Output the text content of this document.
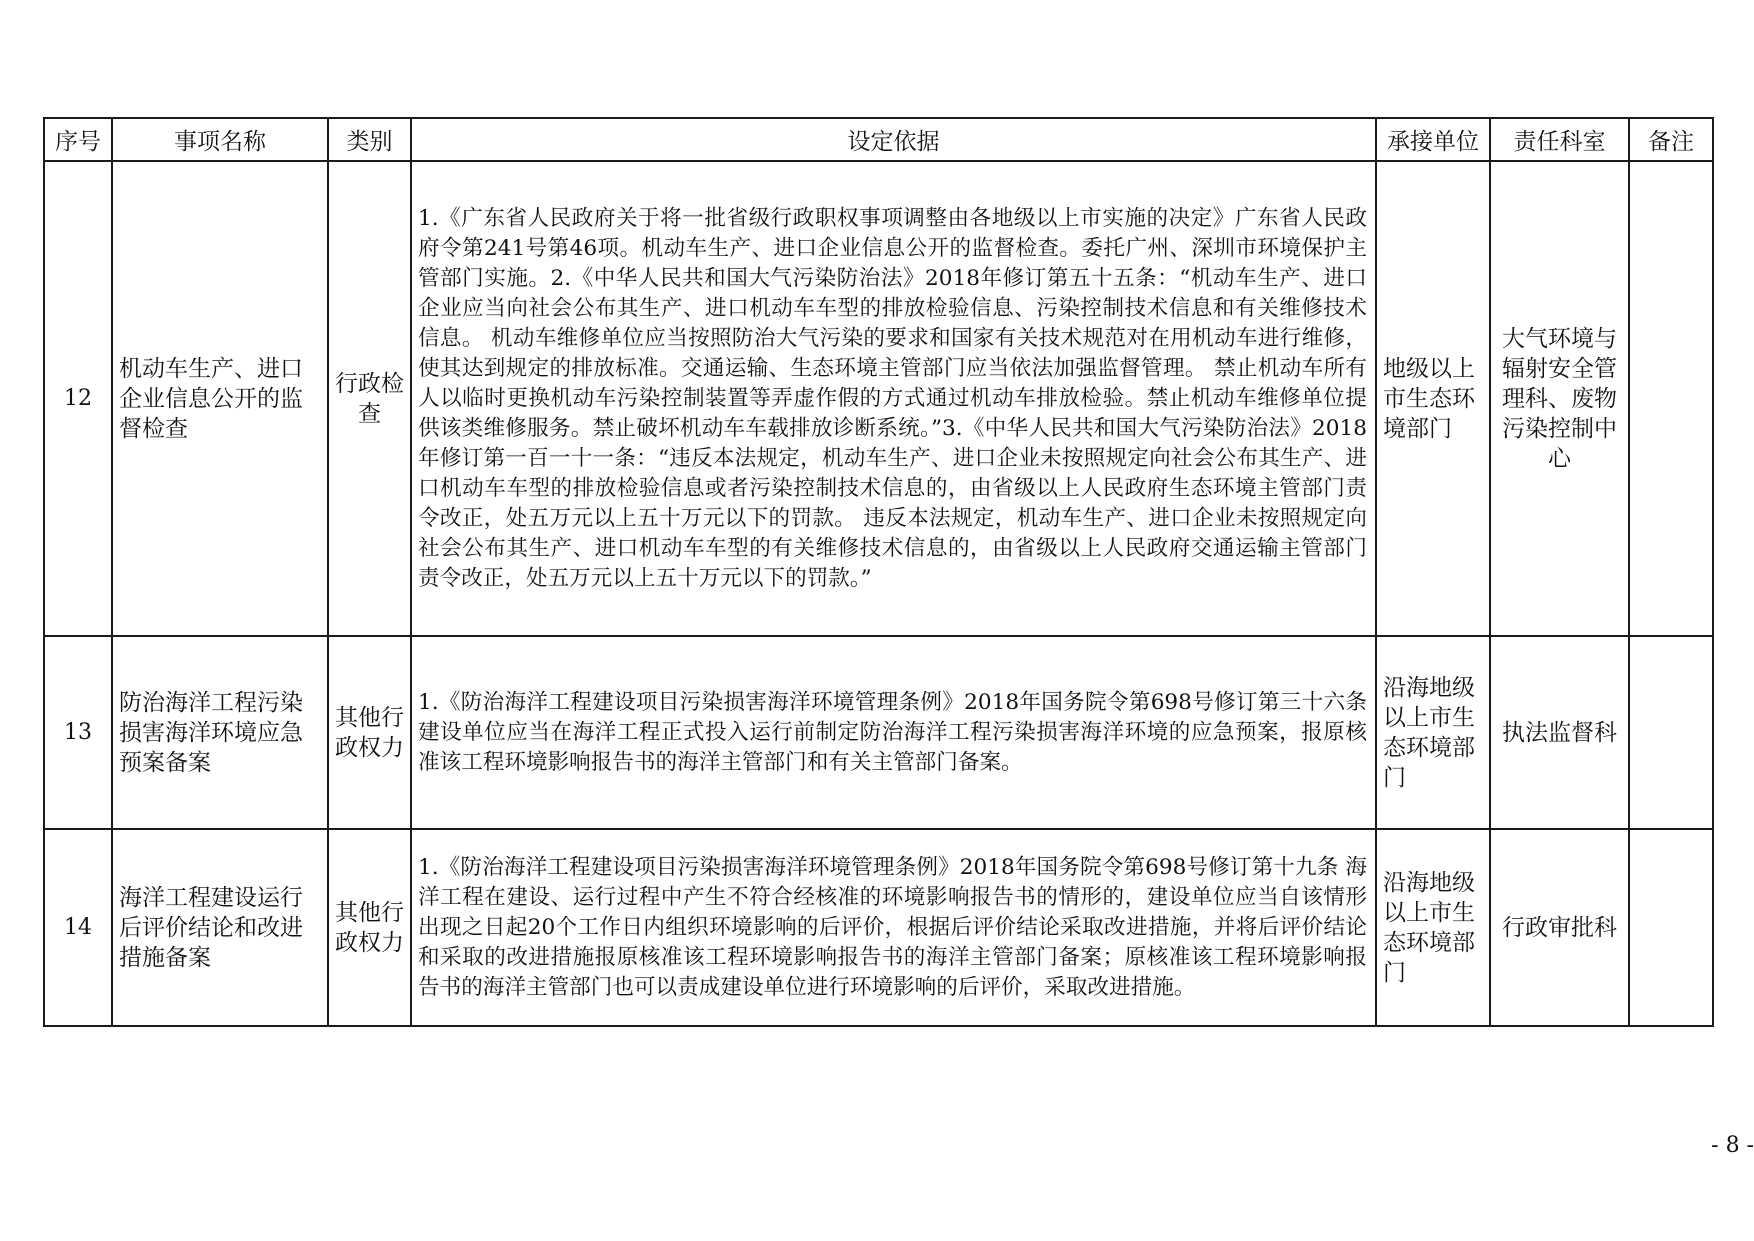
序号	事项名称	类别	设定依据	承接单位	责任科室	备注
12	机动车生产、进口企业信息公开的监督检查	行政检查	1.《广东省人民政府关于将一批省级行政职权事项调整由各地级以上市实施的决定》广东省人民政府令第241号第46项。机动车生产、进口企业信息公开的监督检查。委托广州、深圳市环境保护主管部门实施。2.《中华人民共和国大气污染防治法》2018年修订第五十五条：“机动车生产、进口企业应当向社会公布其生产、进口机动车车型的排放检验信息、污染控制技术信息和有关维修技术信息。 机动车维修单位应当按照防治大气污染的要求和国家有关技术规范对在用机动车进行维修，使其达到规定的排放标准。交通运输、生态环境主管部门应当依法加强监督管理。 禁止机动车所有人以临时更换机动车污染控制装置等弄虚作假的方式通过机动车排放检验。禁止机动车维修单位提供该类维修服务。禁止破坏机动车车载排放诊断系统。”3.《中华人民共和国大气污染防治法》2018年修订第一百一十一条：“违反本法规定，机动车生产、进口企业未按照规定向社会公布其生产、进口机动车车型的排放检验信息或者污染控制技术信息的，由省级以上人民政府生态环境主管部门责令改正，处五万元以上五十万元以下的罚款。 违反本法规定，机动车生产、进口企业未按照规定向社会公布其生产、进口机动车车型的有关维修技术信息的，由省级以上人民政府交通运输主管部门责令改正，处五万元以上五十万元以下的罚款。”	地级以上市生态环境部门	大气环境与辐射安全管理科、废物污染控制中心	
13	防治海洋工程污染损害海洋环境应急预案备案	其他行政权力	1.《防治海洋工程建设项目污染损害海洋环境管理条例》2018年国务院令第698号修订第三十六条 建设单位应当在海洋工程正式投入运行前制定防治海洋工程污染损害海洋环境的应急预案，报原核准该工程环境影响报告书的海洋主管部门和有关主管部门备案。	沿海地级以上市生态环境部门	执法监督科	
14	海洋工程建设运行后评价结论和改进措施备案	其他行政权力	1.《防治海洋工程建设项目污染损害海洋环境管理条例》2018年国务院令第698号修订第十九条 海洋工程在建设、运行过程中产生不符合经核准的环境影响报告书的情形的，建设单位应当自该情形出现之日起20个工作日内组织环境影响的后评价，根据后评价结论采取改进措施，并将后评价结论和采取的改进措施报原核准该工程环境影响报告书的海洋主管部门备案；原核准该工程环境影响报告书的海洋主管部门也可以责成建设单位进行环境影响的后评价，采取改进措施。	沿海地级以上市生态环境部门	行政审批科	
- 8 -
